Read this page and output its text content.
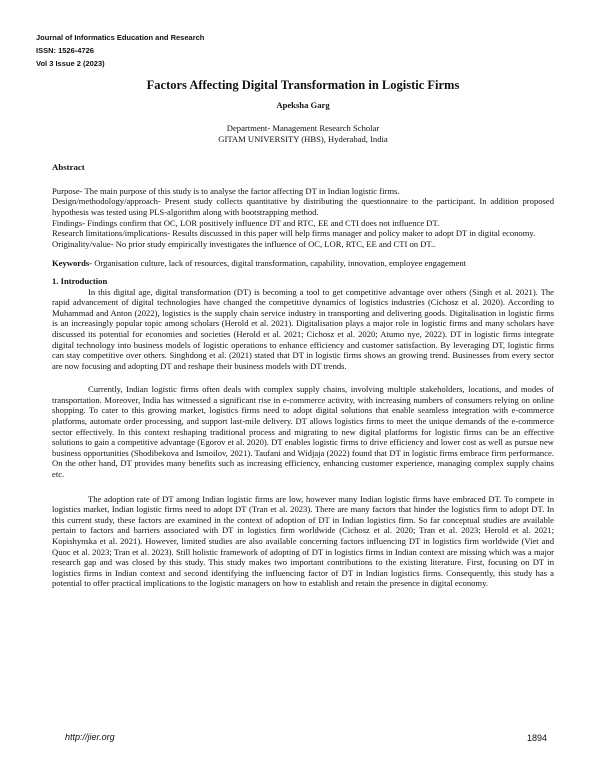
Journal of Informatics Education and Research
ISSN: 1526-4726
Vol 3 Issue 2 (2023)
Factors Affecting Digital Transformation in Logistic Firms
Apeksha Garg
Department- Management Research Scholar
GITAM UNIVERSITY (HBS), Hyderabad, India
Abstract

Purpose- The main purpose of this study is to analyse the factor affecting DT in Indian logistic firms.

Design/methodology/approach- Present study collects quantitative by distributing the questionnaire to the participant. In addition proposed hypothesis was tested using PLS-algorithm along with bootstrapping method.

Findings- Findings confirm that OC, LOR positively influence DT and RTC, EE and CTI does not influence DT.

Research limitations/implications- Results discussed in this paper will help firms manager and policy maker to adopt DT in digital economy.

Originality/value- No prior study empirically investigates the influence of OC, LOR, RTC, EE and CTI on DT..

Keywords- Organisation culture, lack of resources, digital transformation, capability, innovation, employee engagement
1. Introduction

In this digital age, digital transformation (DT) is becoming a tool to get competitive advantage over others (Singh et al. 2021). The rapid advancement of digital technologies have changed the competitive dynamics of logistics industries (Cichosz et al. 2020). According to Muhammad and Anton (2022), logistics is the supply chain service industry in transporting and delivering goods. Digitalisation in logistic firms is an increasingly popular topic among scholars (Herold et al. 2021). Digitalisation plays a major role in logistic firms and many scholars have discussed its potential for economies and societies (Herold et al. 2021; Cichosz et al. 2020; Atumo nye, 2022). DT in logistic firms integrate digital technology into business models of logistic operations to enhance efficiency and customer satisfaction. By leveraging DT, logistic firms can stay competitive over others. Singhdong et al. (2021) stated that DT in logistic firms shows an growing trend. Businesses from every sector are now focusing and adopting DT and reshape their business models with DT trends.

Currently, Indian logistic firms often deals with complex supply chains, involving multiple stakeholders, locations, and modes of transportation. Moreover, India has witnessed a significant rise in e-commerce activity, with increasing numbers of consumers relying on online shopping. To cater to this growing market, logistics firms need to adopt digital solutions that enable seamless integration with e-commerce platforms, automate order processing, and support last-mile delivery. DT allows logistics firms to meet the unique demands of the e-commerce sector effectively. In this context reshaping traditional process and migrating to new digital platforms for logistic firms can be an effective solutions to gain a competitive advantage (Egorov et al. 2020). DT enables logistic firms to drive efficiency and lower cost as well as pursue new business opportunities (Shodibekova and Ismoilov, 2021). Taufani and Widjaja (2022) found that DT in logistic firms embrace firm performance. On the other hand, DT provides many benefits such as increasing efficiency, enhancing customer experience, managing complex supply chains etc.

The adoption rate of DT among Indian logistic firms are low, however many Indian logistic firms have embraced DT. To compete in logistics market, Indian logistic firms need to adopt DT (Tran et al. 2023). There are many factors that hinder the logistics firm to adopt DT. In this current study, these factors are examined in the context of adoption of DT in Indian logistics firm. So far conceptual studies are available pertain to factors and barriers associated with DT in logistics firm worldwide (Cichosz et al. 2020; Tran et al. 2023; Herold et al. 2021; Kopishynska et al. 2021). However, limited studies are also available concerning factors influencing DT in logistics firm worldwide (Viet and Quoc et al. 2023; Tran et al. 2023). Still holistic framework of adopting of DT in logistics firms in Indian context are missing which was a major research gap and was closed by this study. This study makes two important contributions to the existing literature. First, focusing on DT in logistics firms in Indian context and second identifying the influencing factor of DT in Indian logistics firms. Consequently, this study has a potential to offer practical implications to the logistic managers on how to establish and retain the presence in digital economy.

http://jier.org	1894
